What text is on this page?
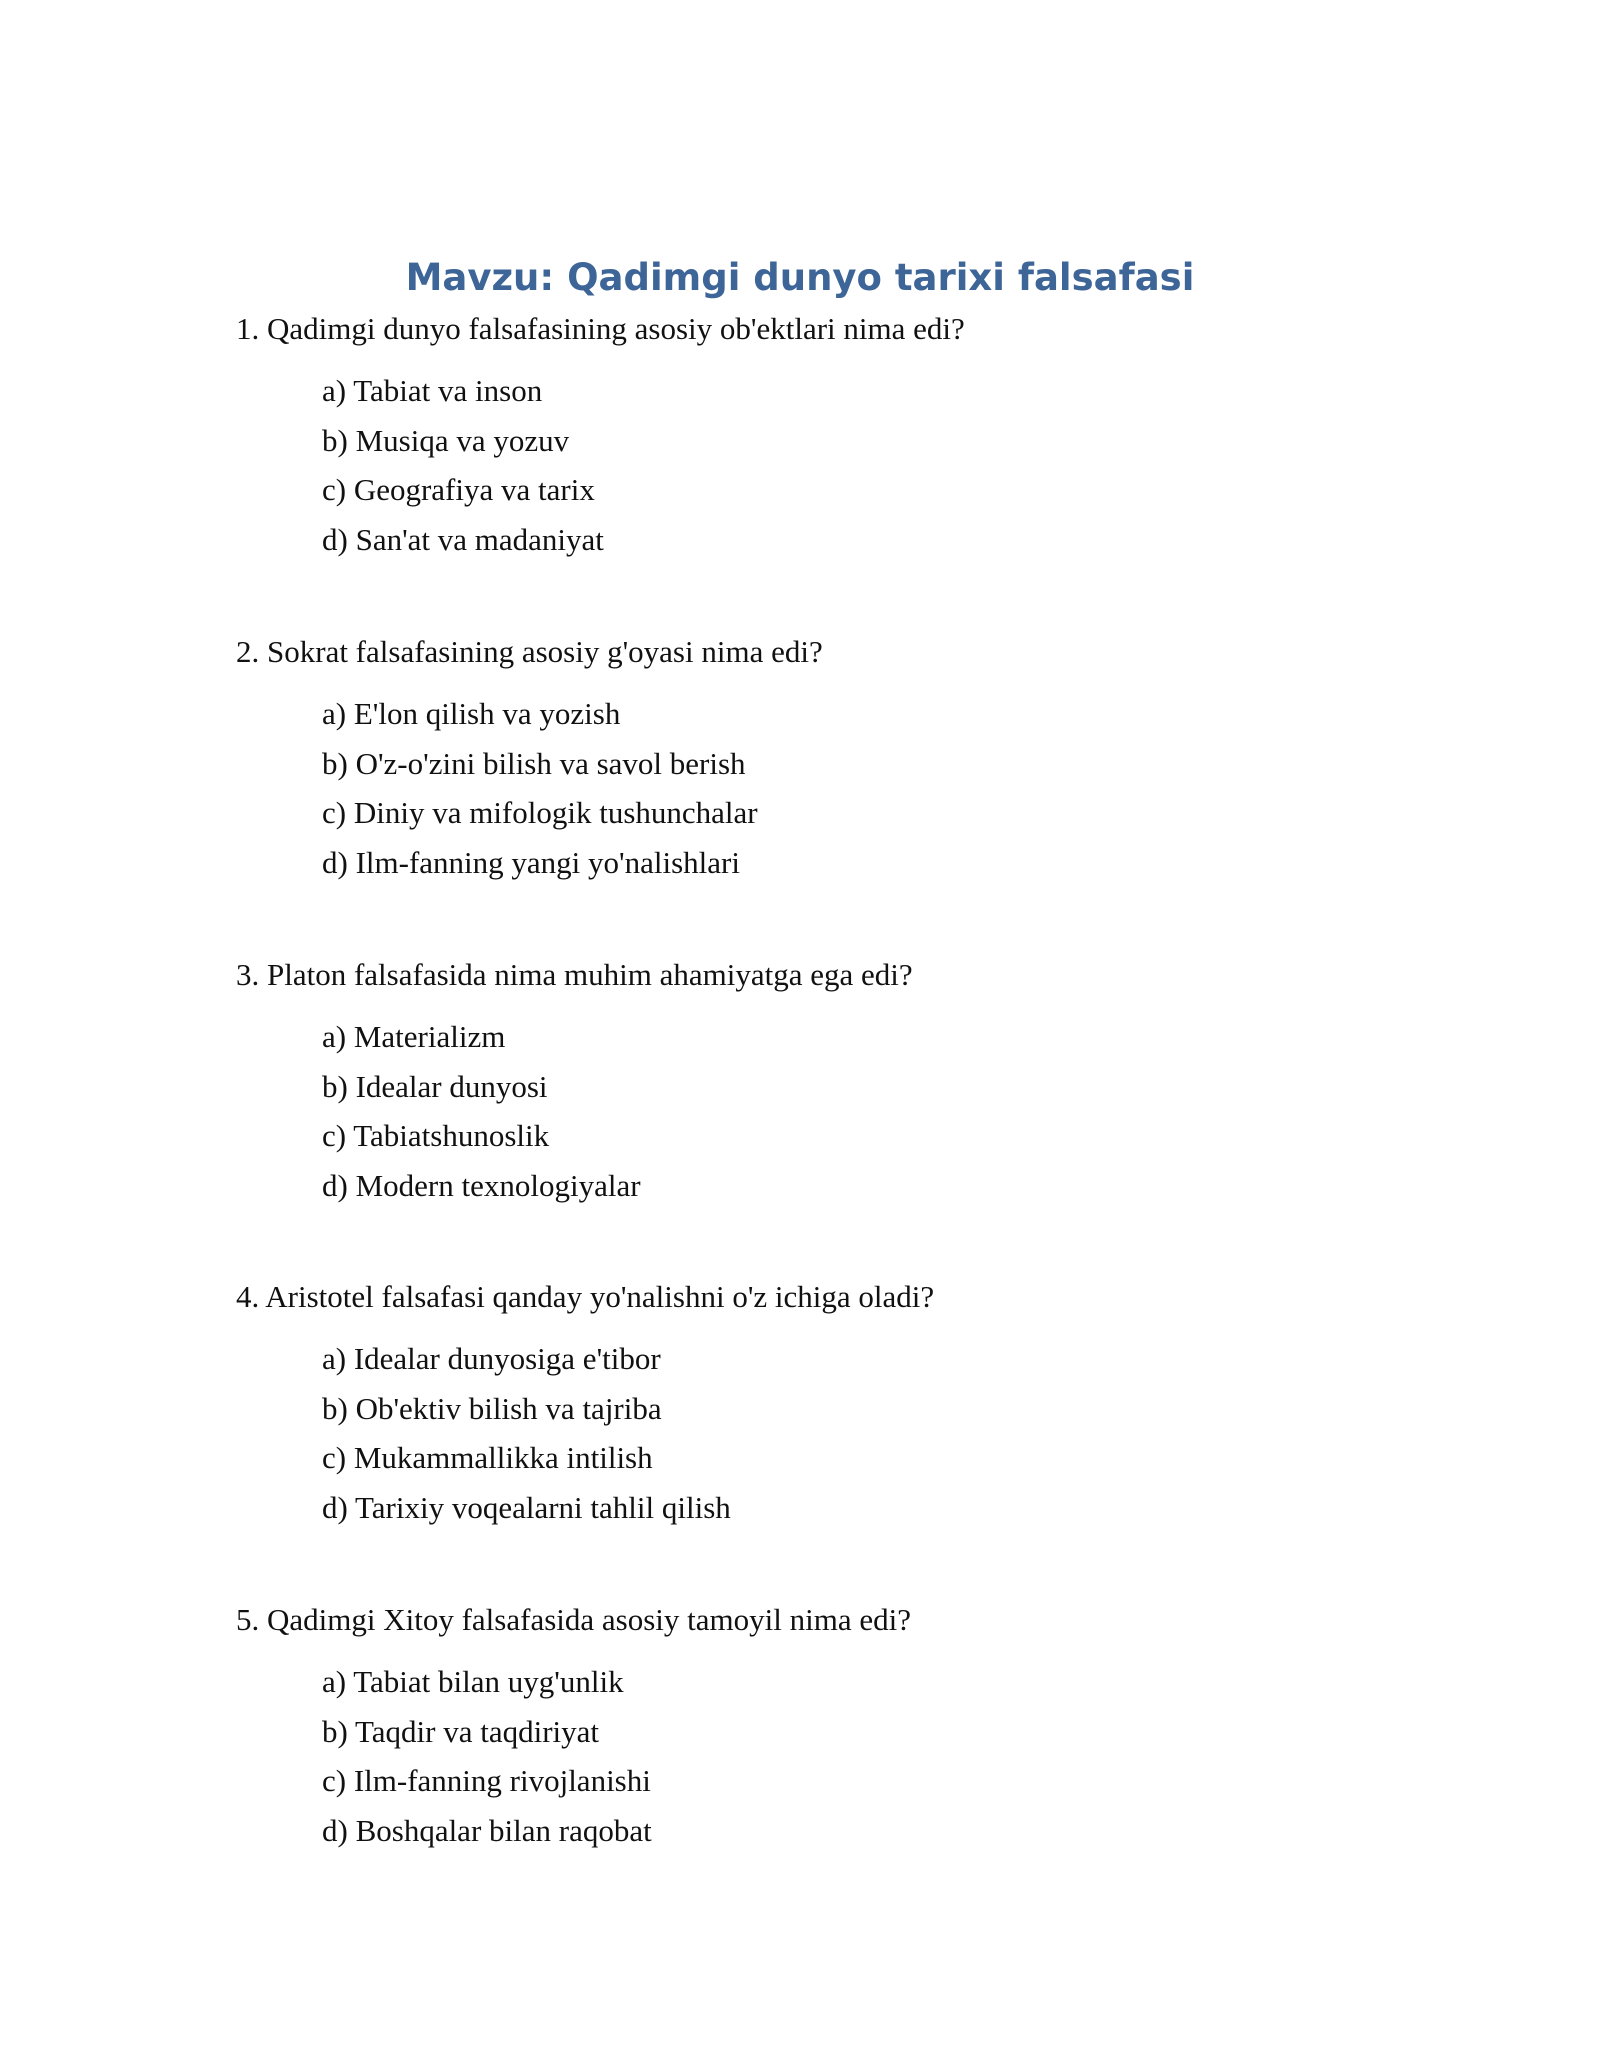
Mavzu: Qadimgi dunyo tarixi falsafasi

1. Qadimgi dunyo falsafasining asosiy ob'ektlari nima edi?

a) Tabiat va inson
b) Musiqa va yozuv
c) Geografiya va tarix
d) San'at va madaniyat

2. Sokrat falsafasining asosiy g'oyasi nima edi?

a) E'lon qilish va yozish
b) O'z-o'zini bilish va savol berish
c) Diniy va mifologik tushunchalar
d) Ilm-fanning yangi yo'nalishlari

3. Platon falsafasida nima muhim ahamiyatga ega edi?

a) Materializm
b) Idealar dunyosi
c) Tabiatshunoslik
d) Modern texnologiyalar

4. Aristotel falsafasi qanday yo'nalishni o'z ichiga oladi?

a) Idealar dunyosiga e'tibor
b) Ob'ektiv bilish va tajriba
c) Mukammallikka intilish
d) Tarixiy voqealarni tahlil qilish

5. Qadimgi Xitoy falsafasida asosiy tamoyil nima edi?

a) Tabiat bilan uyg'unlik
b) Taqdir va taqdiriyat
c) Ilm-fanning rivojlanishi
d) Boshqalar bilan raqobat
